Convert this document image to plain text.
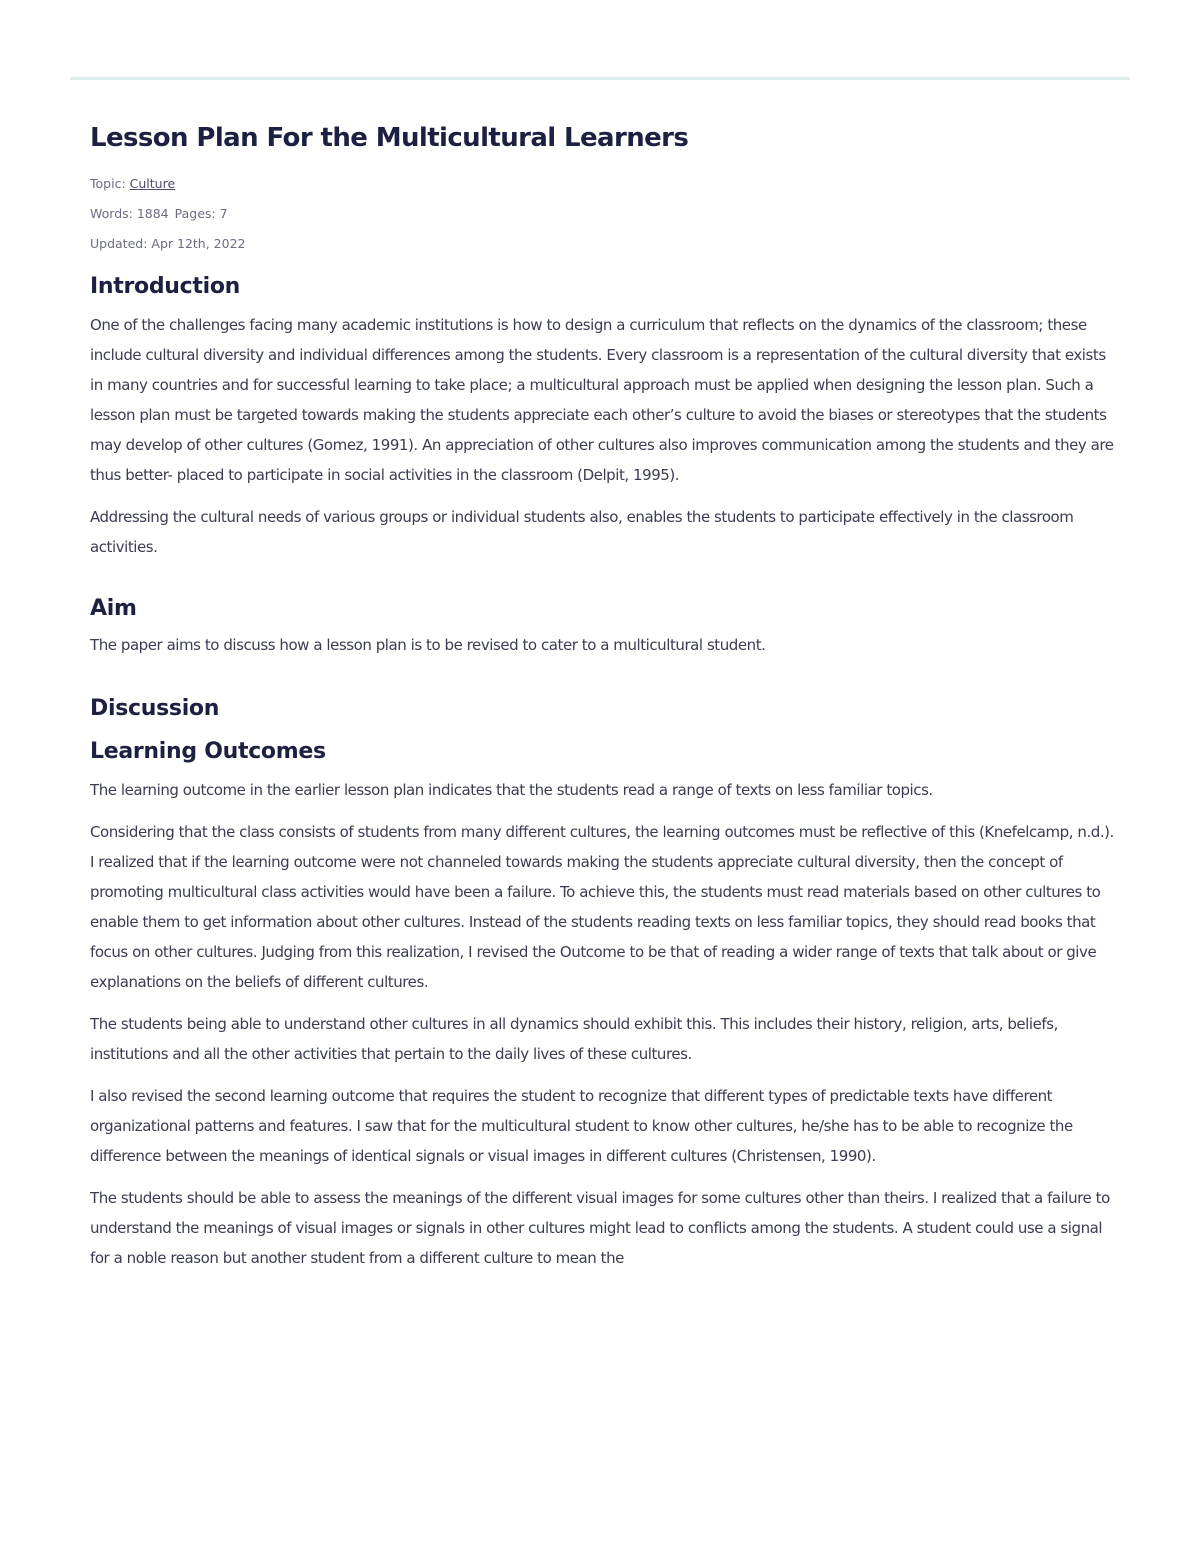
Lesson Plan For the Multicultural Learners
Topic: Culture
Words: 1884 Pages: 7
Updated: Apr 12th, 2022
Introduction

One of the challenges facing many academic institutions is how to design a curriculum that reflects on the dynamics of the classroom; these include cultural diversity and individual differences among the students. Every classroom is a representation of the cultural diversity that exists in many countries and for successful learning to take place; a multicultural approach must be applied when designing the lesson plan. Such a lesson plan must be targeted towards making the students appreciate each other’s culture to avoid the biases or stereotypes that the students may develop of other cultures (Gomez, 1991). An appreciation of other cultures also improves communication among the students and they are thus better- placed to participate in social activities in the classroom (Delpit, 1995).

Addressing the cultural needs of various groups or individual students also, enables the students to participate effectively in the classroom activities.

Aim

The paper aims to discuss how a lesson plan is to be revised to cater to a multicultural student.

Discussion
Learning Outcomes

The learning outcome in the earlier lesson plan indicates that the students read a range of texts on less familiar topics.

Considering that the class consists of students from many different cultures, the learning outcomes must be reflective of this (Knefelcamp, n.d.). I realized that if the learning outcome were not channeled towards making the students appreciate cultural diversity, then the concept of promoting multicultural class activities would have been a failure. To achieve this, the students must read materials based on other cultures to enable them to get information about other cultures. Instead of the students reading texts on less familiar topics, they should read books that focus on other cultures. Judging from this realization, I revised the Outcome to be that of reading a wider range of texts that talk about or give explanations on the beliefs of different cultures.

The students being able to understand other cultures in all dynamics should exhibit this. This includes their history, religion, arts, beliefs, institutions and all the other activities that pertain to the daily lives of these cultures.

I also revised the second learning outcome that requires the student to recognize that different types of predictable texts have different organizational patterns and features. I saw that for the multicultural student to know other cultures, he/she has to be able to recognize the difference between the meanings of identical signals or visual images in different cultures (Christensen, 1990).

The students should be able to assess the meanings of the different visual images for some cultures other than theirs. I realized that a failure to understand the meanings of visual images or signals in other cultures might lead to conflicts among the students. A student could use a signal for a noble reason but another student from a different culture to mean the
